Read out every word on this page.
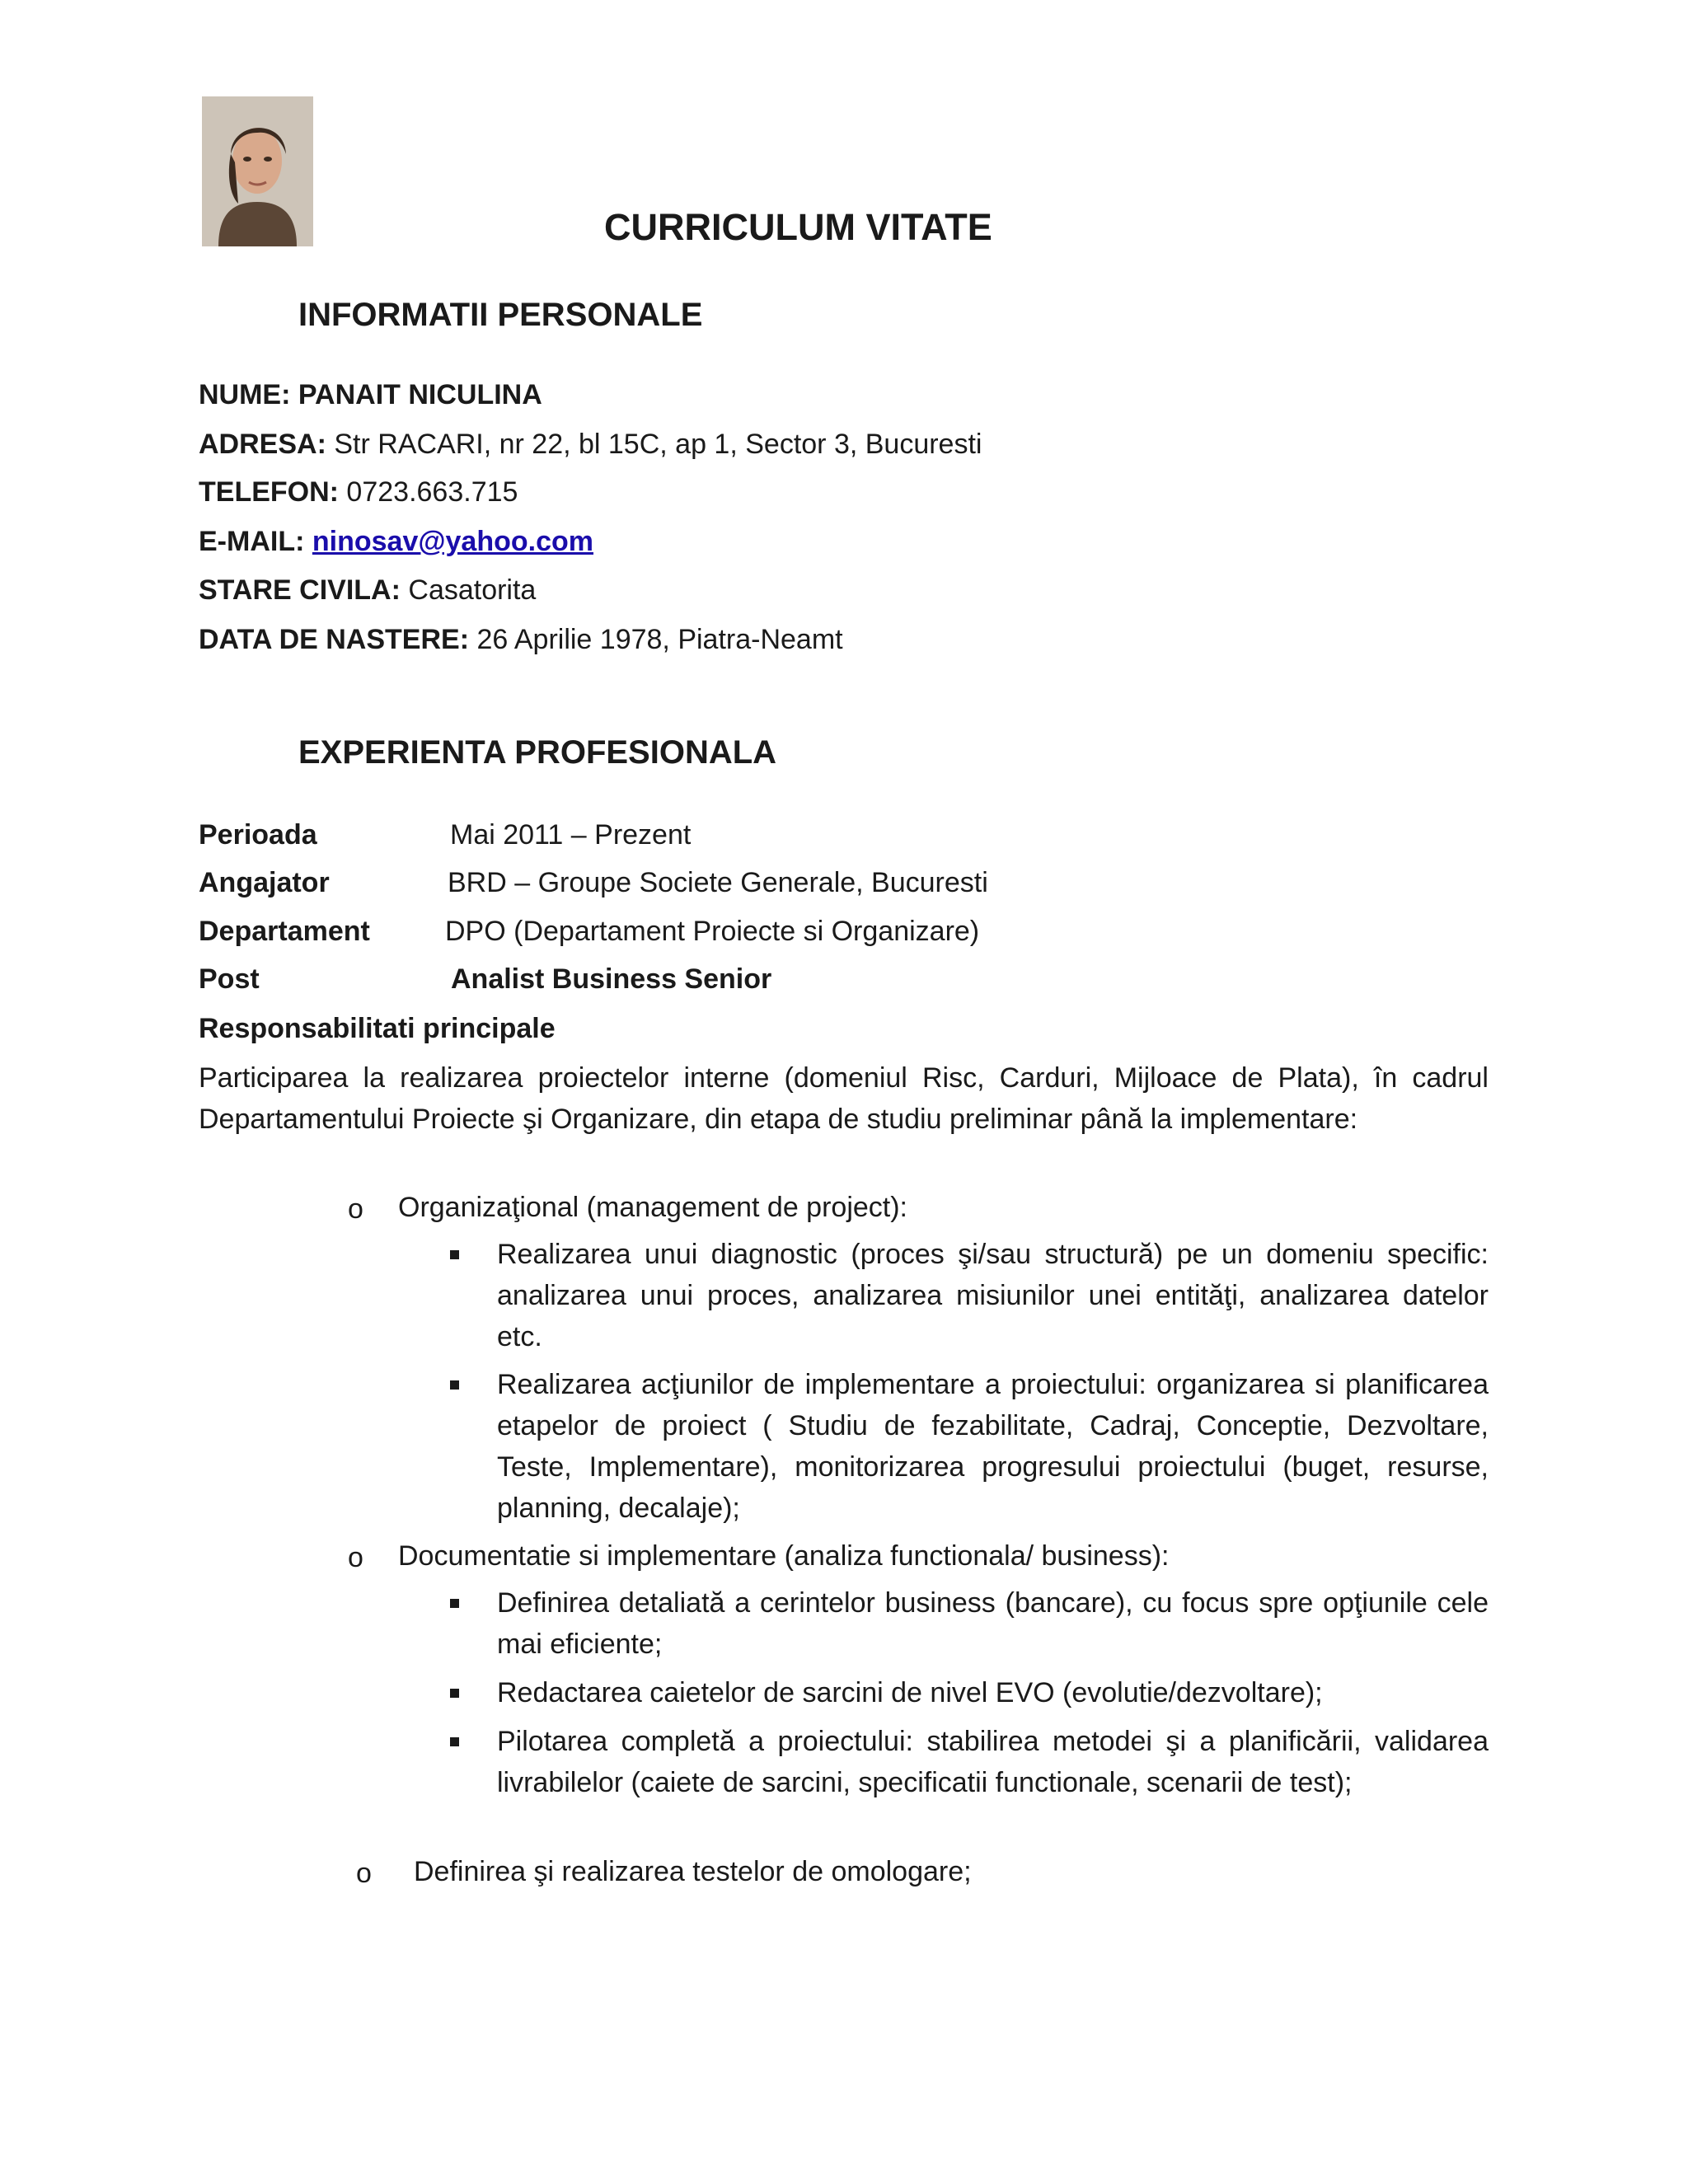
CURRICULUM VITATE
INFORMATII PERSONALE
NUME: PANAIT NICULINA
ADRESA: Str RACARI, nr 22, bl 15C, ap 1, Sector 3, Bucuresti
TELEFON: 0723.663.715
E-MAIL: ninosav@yahoo.com
STARE CIVILA: Casatorita
DATA DE NASTERE: 26 Aprilie 1978, Piatra-Neamt
EXPERIENTA PROFESIONALA
Perioada	Mai 2011 – Prezent
Angajator	BRD – Groupe Societe Generale, Bucuresti
Departament	DPO (Departament Proiecte si Organizare)
Post	Analist Business Senior
Responsabilitati principale

Participarea la realizarea proiectelor interne (domeniul Risc, Carduri, Mijloace de Plata), în cadrul Departamentului Proiecte şi Organizare, din etapa de studiu preliminar până la implementare:

o Organizaţional (management de project):

Realizarea unui diagnostic (proces şi/sau structură) pe un domeniu specific: analizarea unui proces, analizarea misiunilor unei entităţi, analizarea datelor etc.

Realizarea acţiunilor de implementare a proiectului: organizarea si planificarea etapelor de proiect ( Studiu de fezabilitate, Cadraj, Conceptie, Dezvoltare, Teste, Implementare), monitorizarea progresului proiectului (buget, resurse, planning, decalaje);

o Documentatie si implementare (analiza functionala/ business):

Definirea detaliată a cerintelor business (bancare), cu focus spre opţiunile cele mai eficiente;

Redactarea caietelor de sarcini de nivel EVO (evolutie/dezvoltare);

Pilotarea completă a proiectului: stabilirea metodei şi a planificării, validarea livrabilelor (caiete de sarcini, specificatii functionale, scenarii de test);

o Definirea şi realizarea testelor de omologare;
